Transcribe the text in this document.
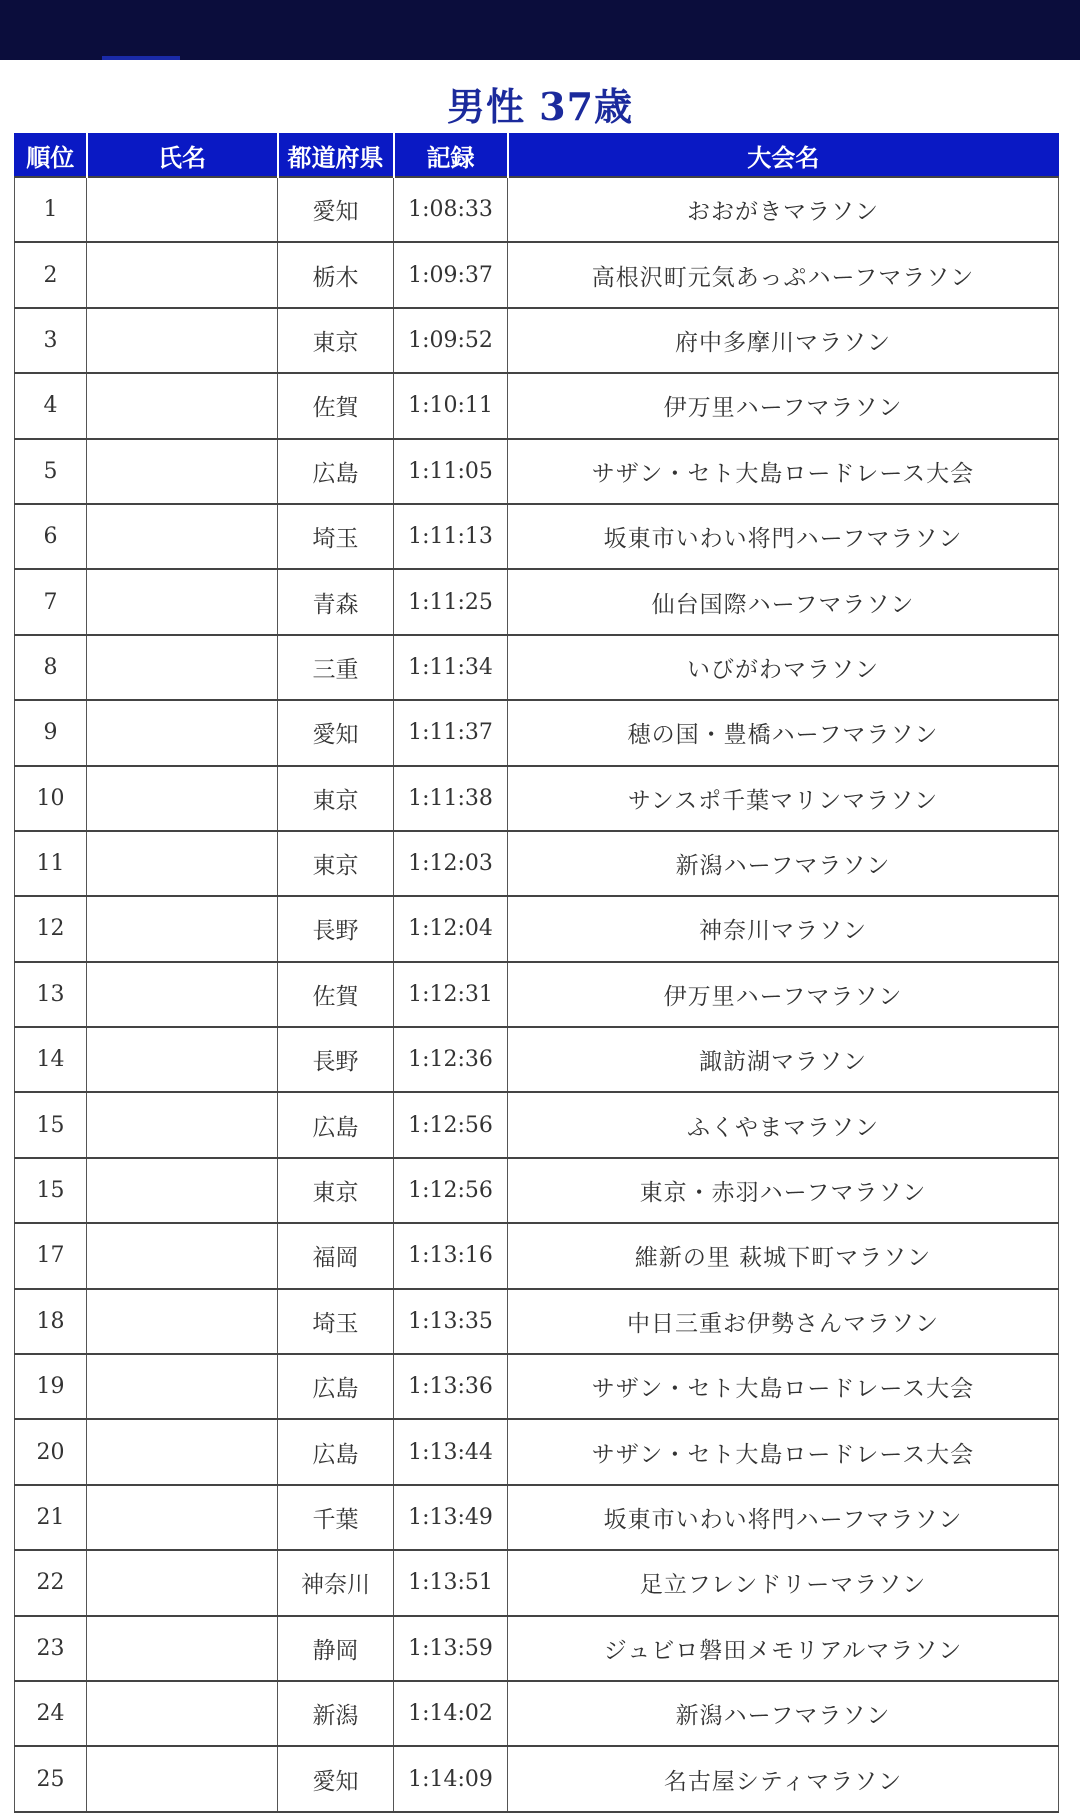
男性 37歳
順位	氏名	都道府県	記録	大会名
1		愛知	1:08:33	おおがきマラソン
2		栃木	1:09:37	高根沢町元気あっぷハーフマラソン
3		東京	1:09:52	府中多摩川マラソン
4		佐賀	1:10:11	伊万里ハーフマラソン
5		広島	1:11:05	サザン・セト大島ロードレース大会
6		埼玉	1:11:13	坂東市いわい将門ハーフマラソン
7		青森	1:11:25	仙台国際ハーフマラソン
8		三重	1:11:34	いびがわマラソン
9		愛知	1:11:37	穂の国・豊橋ハーフマラソン
10		東京	1:11:38	サンスポ千葉マリンマラソン
11		東京	1:12:03	新潟ハーフマラソン
12		長野	1:12:04	神奈川マラソン
13		佐賀	1:12:31	伊万里ハーフマラソン
14		長野	1:12:36	諏訪湖マラソン
15		広島	1:12:56	ふくやまマラソン
15		東京	1:12:56	東京・赤羽ハーフマラソン
17		福岡	1:13:16	維新の里 萩城下町マラソン
18		埼玉	1:13:35	中日三重お伊勢さんマラソン
19		広島	1:13:36	サザン・セト大島ロードレース大会
20		広島	1:13:44	サザン・セト大島ロードレース大会
21		千葉	1:13:49	坂東市いわい将門ハーフマラソン
22		神奈川	1:13:51	足立フレンドリーマラソン
23		静岡	1:13:59	ジュビロ磐田メモリアルマラソン
24		新潟	1:14:02	新潟ハーフマラソン
25		愛知	1:14:09	名古屋シティマラソン
